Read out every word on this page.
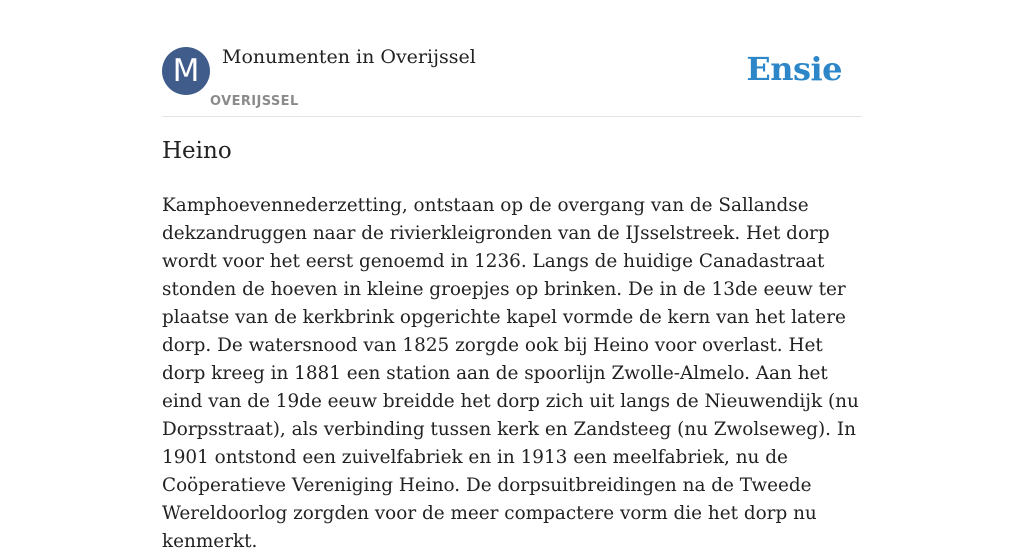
M	Monumenten in Overijssel
OVERIJSSEL
Ensie
Heino

Kamphoevennederzetting, ontstaan op de overgang van de Sallandse dekzandruggen naar de rivierkleigronden van de IJsselstreek. Het dorp wordt voor het eerst genoemd in 1236. Langs de huidige Canadastraat stonden de hoeven in kleine groepjes op brinken. De in de 13de eeuw ter plaatse van de kerkbrink opgerichte kapel vormde de kern van het latere dorp. De watersnood van 1825 zorgde ook bij Heino voor overlast. Het dorp kreeg in 1881 een station aan de spoorlijn Zwolle-Almelo. Aan het eind van de 19de eeuw breidde het dorp zich uit langs de Nieuwendijk (nu Dorpsstraat), als verbinding tussen kerk en Zandsteeg (nu Zwolseweg). In 1901 ontstond een zuivelfabriek en in 1913 een meelfabriek, nu de Coöperatieve Vereniging Heino. De dorpsuitbreidingen na de Tweede Wereldoorlog zorgden voor de meer compactere vorm die het dorp nu kenmerkt.
